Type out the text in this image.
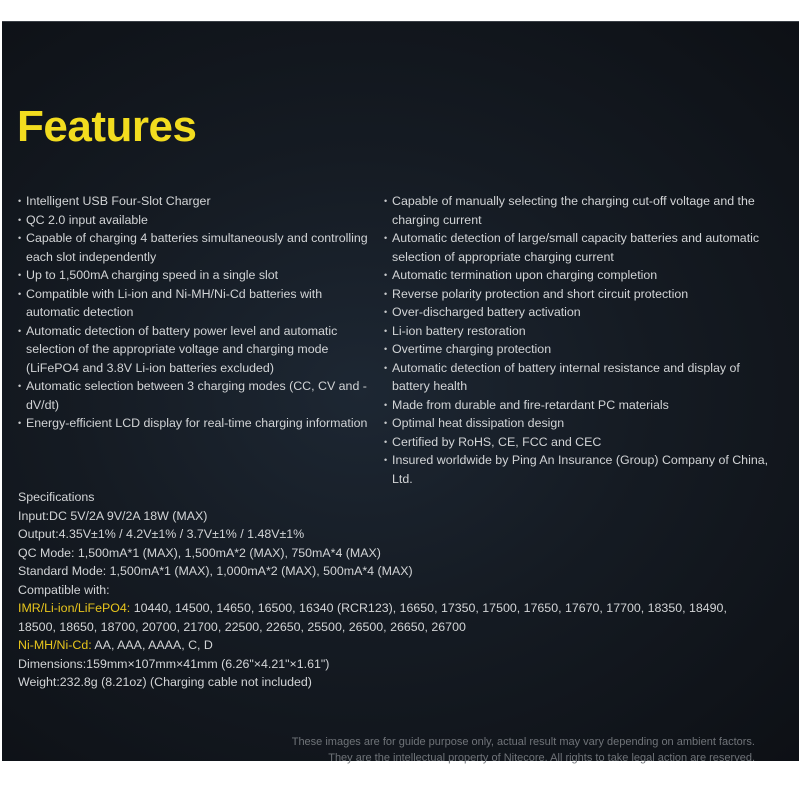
Features
• Intelligent USB Four-Slot Charger
• QC 2.0 input available
• Capable of charging 4 batteries simultaneously and controlling each slot independently
• Up to 1,500mA charging speed in a single slot
• Compatible with Li-ion and Ni-MH/Ni-Cd batteries with automatic detection
• Automatic detection of battery power level and automatic selection of the appropriate voltage and charging mode (LiFePO4 and 3.8V Li-ion batteries excluded)
• Automatic selection between 3 charging modes (CC, CV and -dV/dt)
• Energy-efficient LCD display for real-time charging information
• Capable of manually selecting the charging cut-off voltage and the charging current
• Automatic detection of large/small capacity batteries and automatic selection of appropriate charging current
• Automatic termination upon charging completion
• Reverse polarity protection and short circuit protection
• Over-discharged battery activation
• Li-ion battery restoration
• Overtime charging protection
• Automatic detection of battery internal resistance and display of battery health
• Made from durable and fire-retardant PC materials
• Optimal heat dissipation design
• Certified by RoHS, CE, FCC and CEC
• Insured worldwide by Ping An Insurance (Group) Company of China, Ltd.
Specifications
Input:DC 5V/2A 9V/2A 18W (MAX)
Output:4.35V±1% / 4.2V±1% / 3.7V±1% / 1.48V±1%
QC Mode: 1,500mA*1 (MAX), 1,500mA*2 (MAX), 750mA*4 (MAX)
Standard Mode: 1,500mA*1 (MAX), 1,000mA*2 (MAX), 500mA*4 (MAX)
Compatible with:
IMR/Li-ion/LiFePO4: 10440, 14500, 14650, 16500, 16340 (RCR123), 16650, 17350, 17500, 17650, 17670, 17700, 18350, 18490, 18500, 18650, 18700, 20700, 21700, 22500, 22650, 25500, 26500, 26650, 26700
Ni-MH/Ni-Cd: AA, AAA, AAAA, C, D
Dimensions:159mm×107mm×41mm (6.26"×4.21"×1.61")
Weight:232.8g (8.21oz) (Charging cable not included)
These images are for guide purpose only, actual result may vary depending on ambient factors.
They are the intellectual property of Nitecore. All rights to take legal action are reserved.
